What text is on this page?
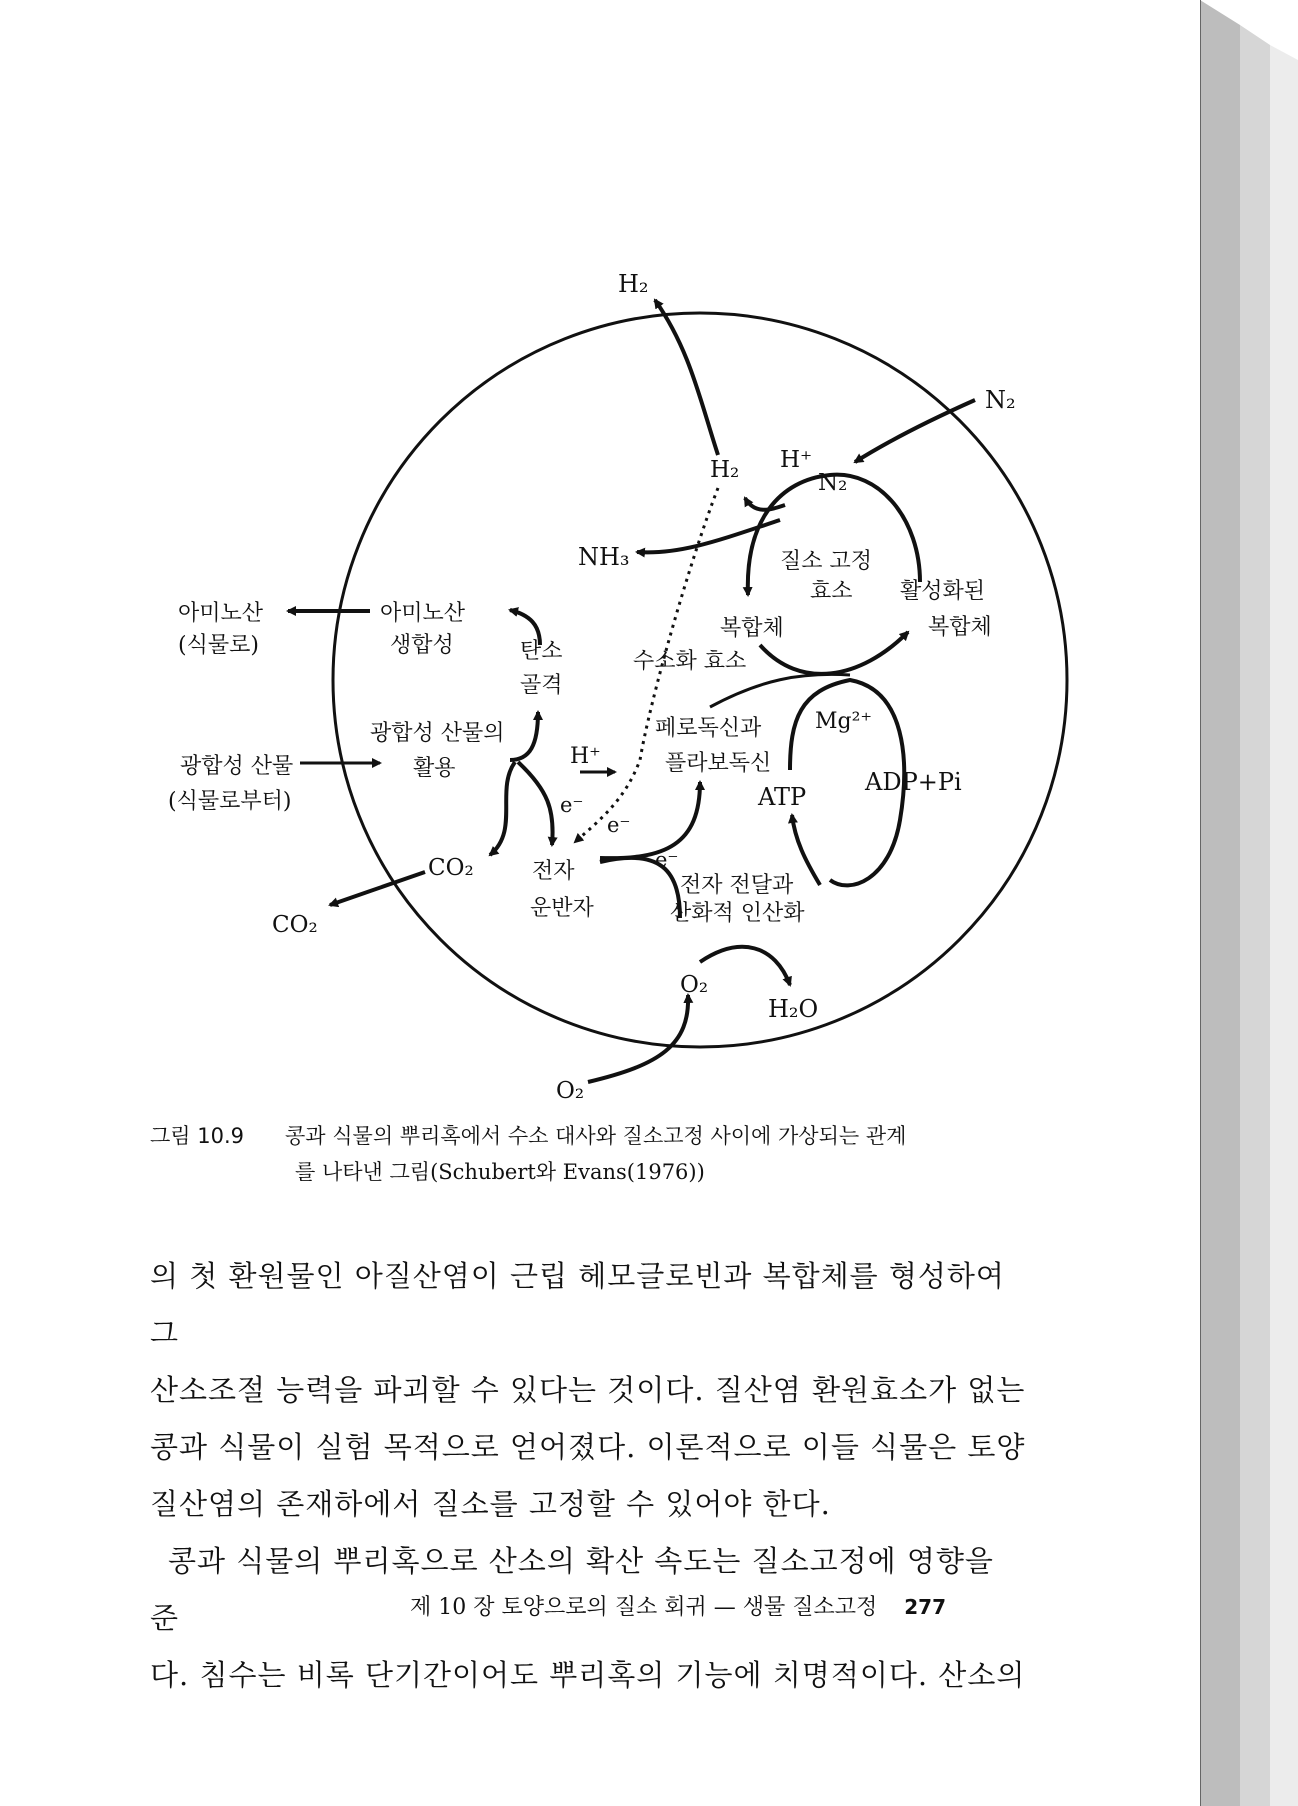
H₂
N₂
H₂ H⁺
N₂
NH₃	질소 고정
효소 활성화된
복합체
아미노산
(식물로)
아미노산
생합성	탄소
골격
복합체
수소화 효소
광합성 산물의
활용
광합성 산물
(식물로부터)
페로독신과
플라보독신
Mg²⁺
H⁺
ADP+Pi
ATP
e⁻
e⁻
e⁻
CO₂	전자
운반자
전자 전달과
산화적 인산화
CO₂
O₂
H₂O
O₂
그림 10.9 콩과 식물의 뿌리혹에서 수소 대사와 질소고정 사이에 가상되는 관계
를 나타낸 그림(Schubert와 Evans(1976))

의 첫 환원물인 아질산염이 근립 헤모글로빈과 복합체를 형성하여 그

산소조절 능력을 파괴할 수 있다는 것이다. 질산염 환원효소가 없는

콩과 식물이 실험 목적으로 얻어졌다. 이론적으로 이들 식물은 토양

질산염의 존재하에서 질소를 고정할 수 있어야 한다.

콩과 식물의 뿌리혹으로 산소의 확산 속도는 질소고정에 영향을 준

다. 침수는 비록 단기간이어도 뿌리혹의 기능에 치명적이다. 산소의

제 10 장 토양으로의 질소 회귀 — 생물 질소고정 277
